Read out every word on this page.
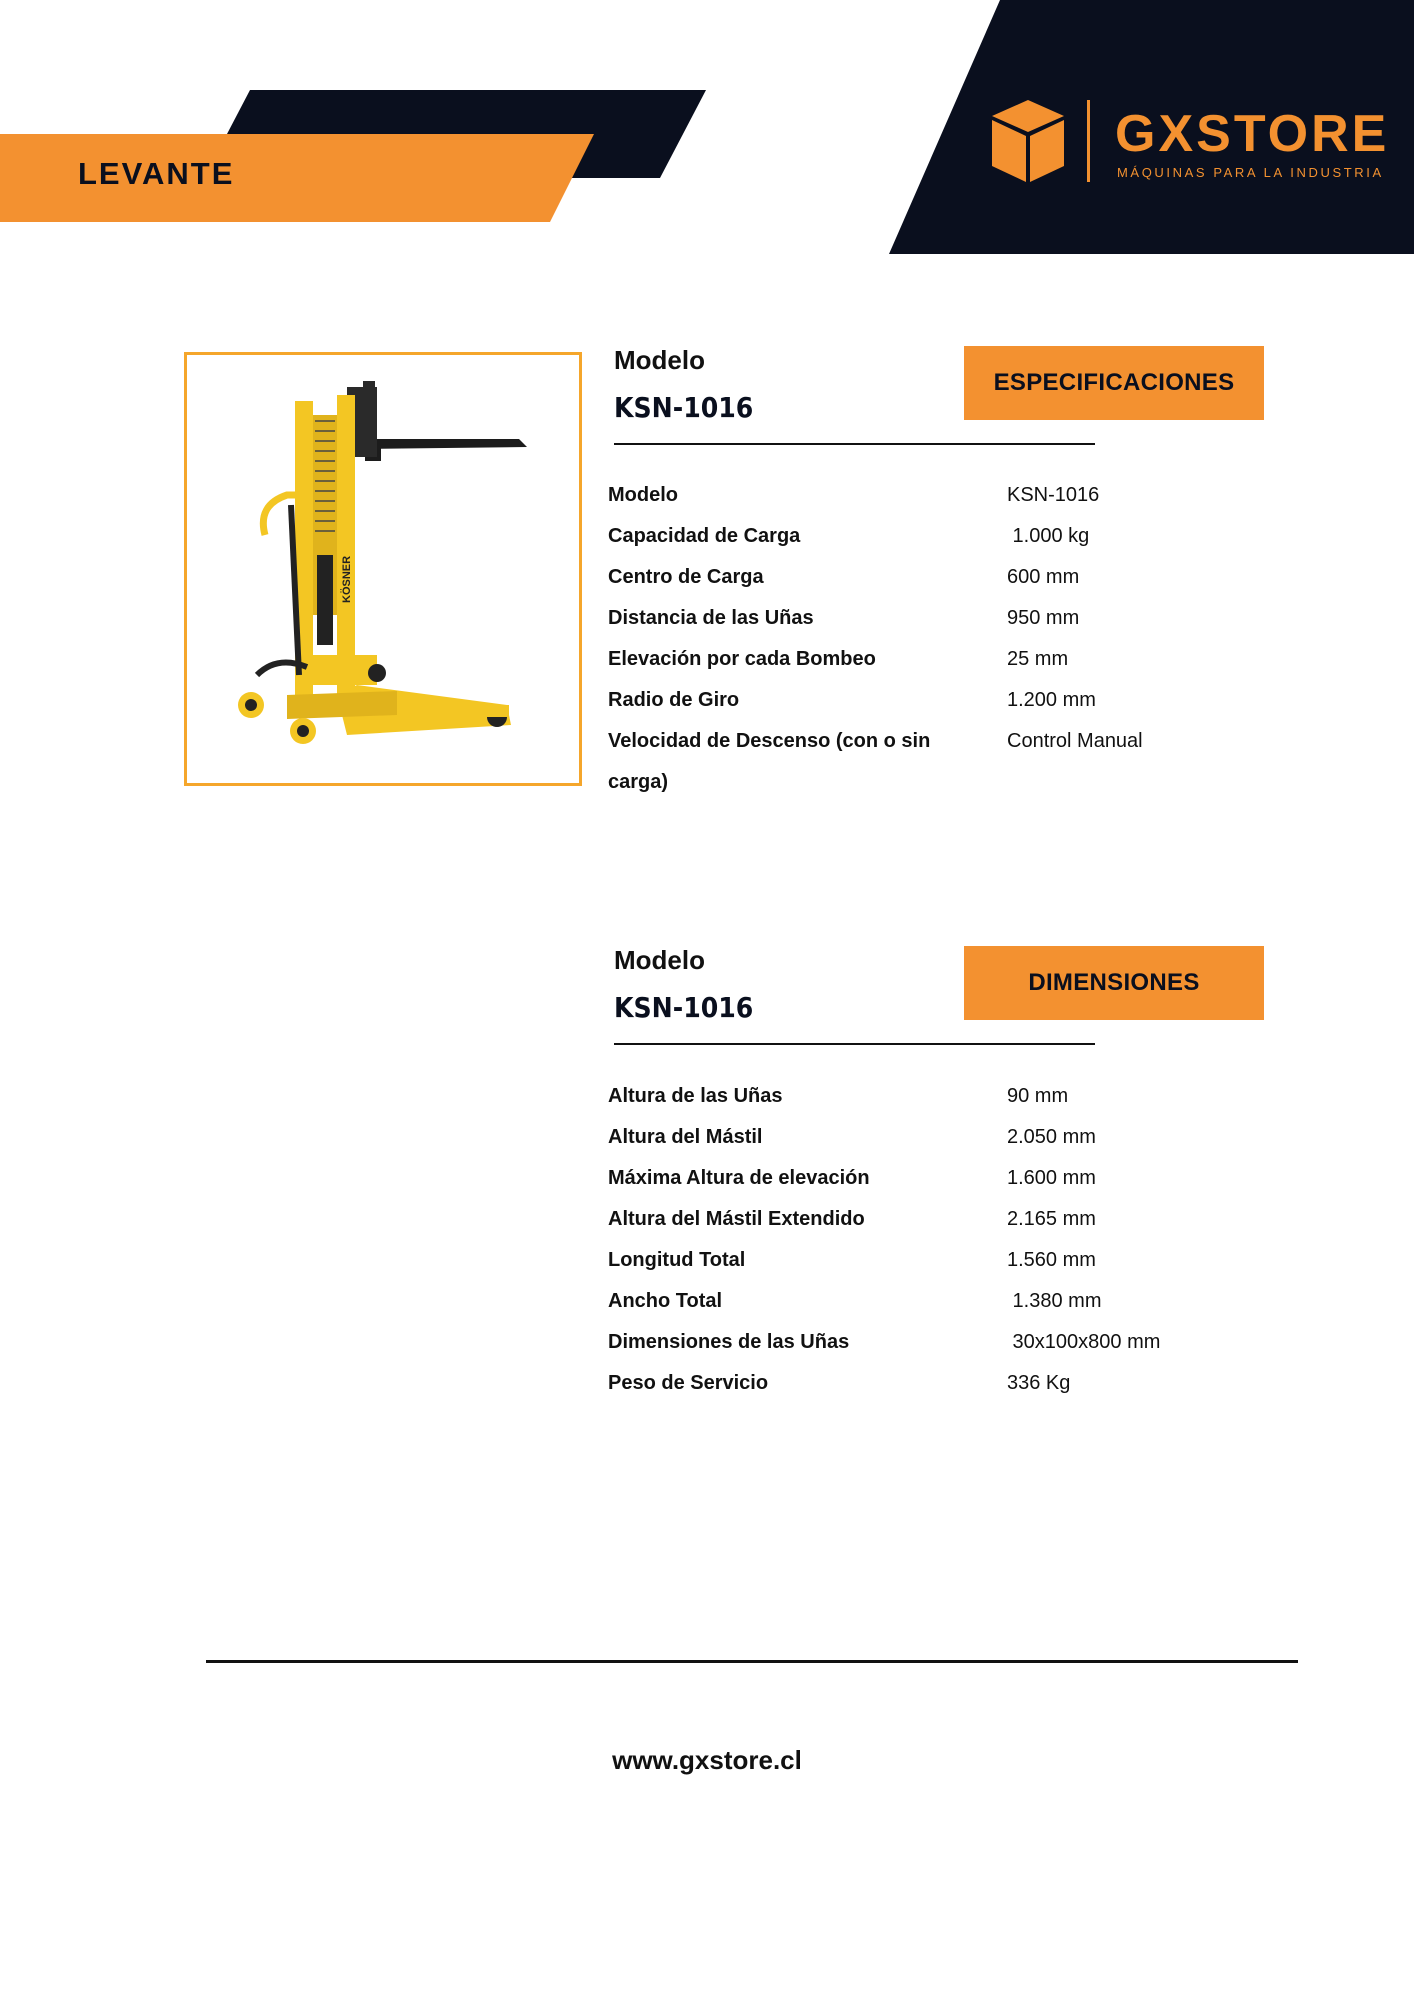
LEVANTE
GXSTORE
MÁQUINAS PARA LA INDUSTRIA
KÖSNER
Modelo
KSN-1016
ESPECIFICACIONES
Modelo	KSN-1016
Capacidad de Carga	1.000 kg
Centro de Carga	600 mm
Distancia de las Uñas	950 mm
Elevación por cada Bombeo	25 mm
Radio de Giro	1.200 mm
Velocidad de Descenso (con o sin carga)	Control Manual
Modelo
KSN-1016
DIMENSIONES
Altura de las Uñas	90 mm
Altura del Mástil	2.050 mm
Máxima Altura de elevación	1.600 mm
Altura del Mástil Extendido	2.165 mm
Longitud Total	1.560 mm
Ancho Total	1.380 mm
Dimensiones de las Uñas	30x100x800 mm
Peso de Servicio	336 Kg
www.gxstore.cl
